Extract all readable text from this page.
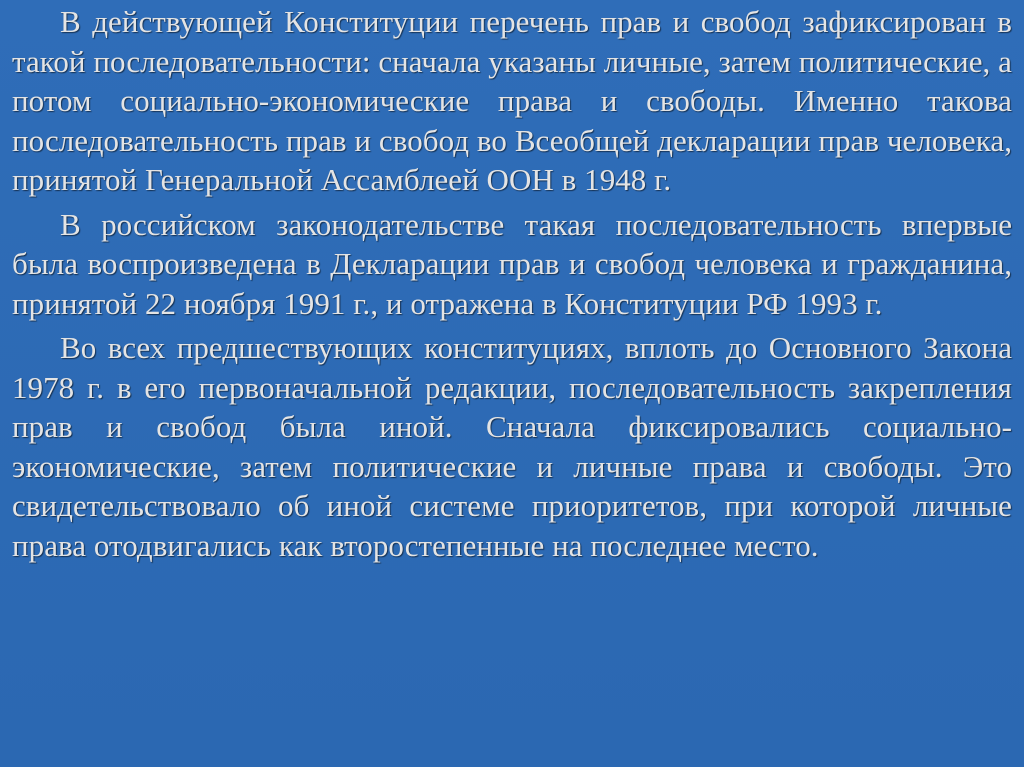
В действующей Конституции перечень прав и свобод зафиксирован в такой последовательности: сначала указаны личные, затем политические, а потом социально-экономические права и свободы. Именно такова последовательность прав и свобод во Всеобщей декларации прав человека, принятой Генеральной Ассамблеей ООН в 1948 г.

В российском законодательстве такая последовательность впервые была воспроизведена в Декларации прав и свобод человека и гражданина, принятой 22 ноября 1991 г., и отражена в Конституции РФ 1993 г.

Во всех предшествующих конституциях, вплоть до Основного Закона 1978 г. в его первоначальной редакции, последовательность закрепления прав и свобод была иной. Сначала фиксировались социально-экономические, затем политические и личные права и свободы. Это свидетельствовало об иной системе приоритетов, при которой личные права отодвигались как второстепенные на последнее место.
